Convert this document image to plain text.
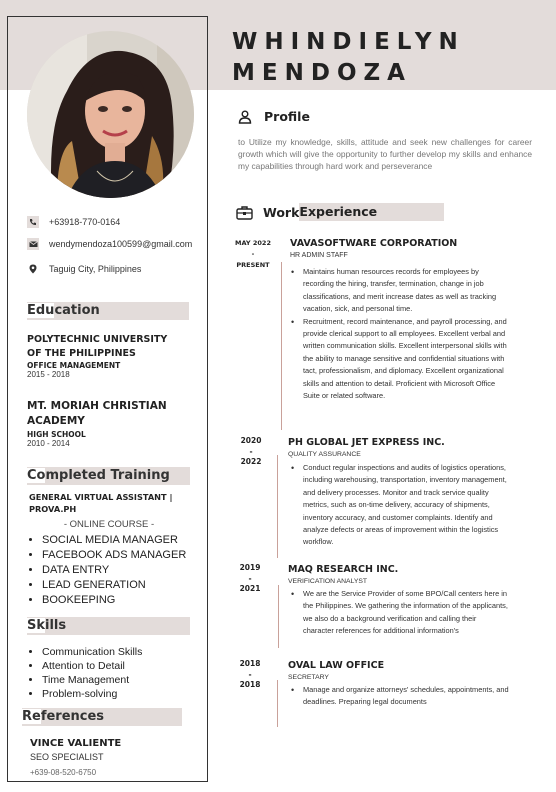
WHINDIELYN
MENDOZA
+63918-770-0164
wendymendoza100599@gmail.com
Taguig City, Philippines
Education
POLYTECHNIC UNIVERSITY OF THE PHILIPPINES
OFFICE MANAGEMENT
2015 - 2018
MT. MORIAH CHRISTIAN ACADEMY
HIGH SCHOOL
2010 - 2014
Completed Training
GENERAL VIRTUAL ASSISTANT | PROVA.PH
- ONLINE COURSE -
• SOCIAL MEDIA MANAGER
• FACEBOOK ADS MANAGER
• DATA ENTRY
• LEAD GENERATION
• BOOKEEPING
Skills
• Communication Skills
• Attention to Detail
• Time Management
• Problem-solving
References
VINCE VALIENTE
SEO SPECIALIST
+639-08-520-6750
Profile
to Utilize my knowledge, skills, attitude and seek new challenges for career growth which will give the opportunity to further develop my skills and enhance my capabilities through hard work and perseverance
Work Experience
MAY 2022
-
PRESENT
VAVASOFTWARE CORPORATION
HR ADMIN STAFF
• Maintains human resources records for employees by recording the hiring, transfer, termination, change in job classifications, and merit increase dates as well as tracking vacation, sick, and personal time.
• Recruitment, record maintenance, and payroll processing, and provide clerical support to all employees. Excellent verbal and written communication skills. Excellent interpersonal skills with the ability to manage sensitive and confidential situations with tact, professionalism, and diplomacy. Excellent organizational skills and attention to detail. Proficient with Microsoft Office Suite or related software.
2020
-
2022
PH GLOBAL JET EXPRESS INC.
QUALITY ASSURANCE
• Conduct regular inspections and audits of logistics operations, including warehousing, transportation, inventory management, and delivery processes. Monitor and track service quality metrics, such as on-time delivery, accuracy of shipments, inventory accuracy, and customer complaints. Identify and analyze defects or areas of improvement within the logistics workflow.
2019
-
2021
MAQ RESEARCH INC.
VERIFICATION ANALYST
• We are the Service Provider of some BPO/Call centers here in the Philippines. We gathering the information of the applicants, we also do a background verification and calling their character references for additional information's
2018
-
2018
OVAL LAW OFFICE
SECRETARY
• Manage and organize attorneys' schedules, appointments, and deadlines. Preparing legal documents
